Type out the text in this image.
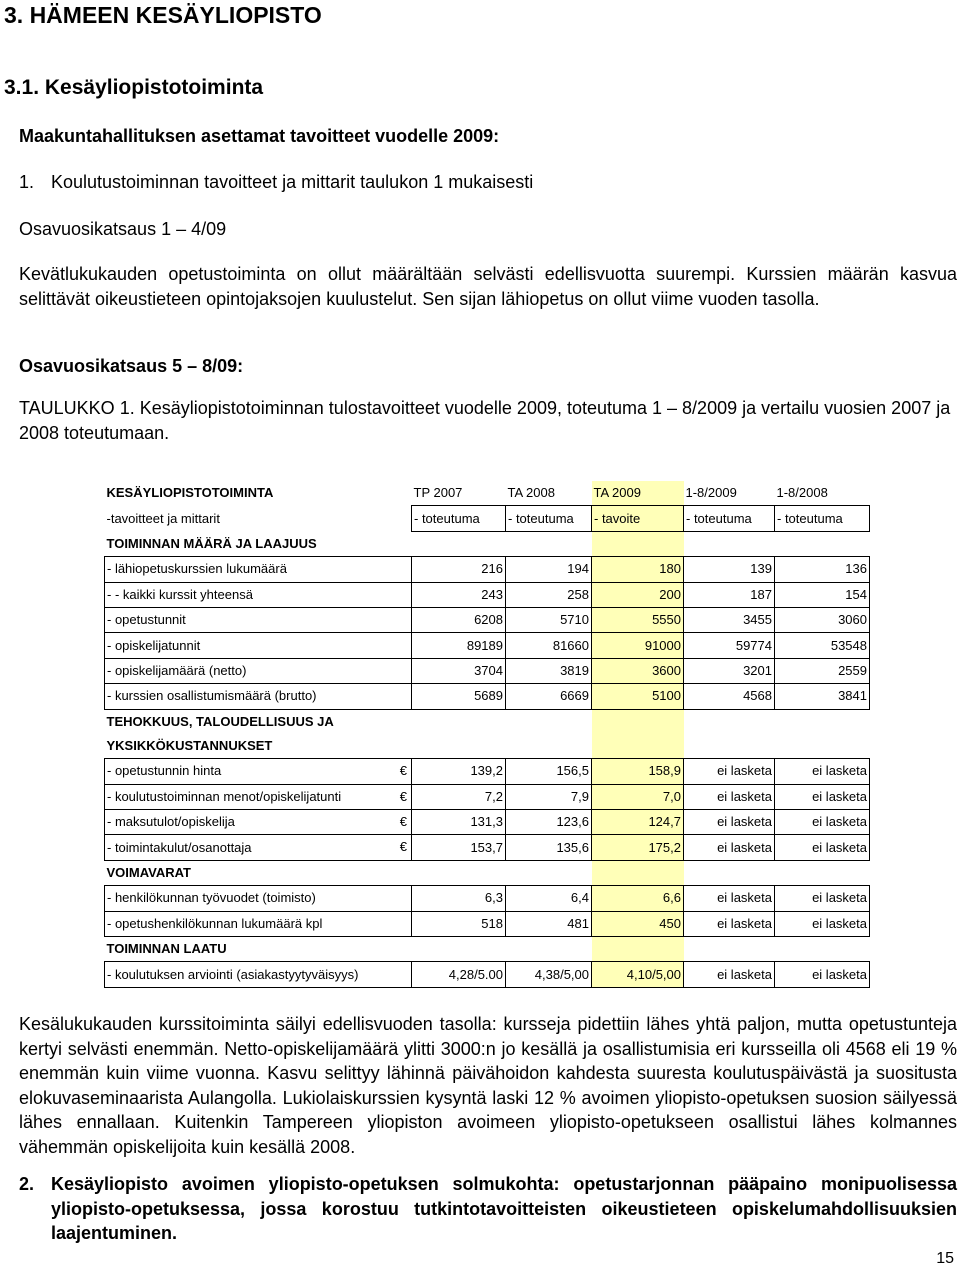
3. HÄMEEN KESÄYLIOPISTO
3.1. Kesäyliopistotoiminta
Maakuntahallituksen asettamat tavoitteet vuodelle 2009:
1. Koulutustoiminnan tavoitteet ja mittarit taulukon 1 mukaisesti
Osavuosikatsaus 1 – 4/09
Kevätlukukauden opetustoiminta on ollut määrältään selvästi edellisvuotta suurempi. Kurssien määrän kasvua selittävät oikeustieteen opintojaksojen kuulustelut. Sen sijan lähiopetus on ollut viime vuoden tasolla.
Osavuosikatsaus 5 – 8/09:
TAULUKKO 1. Kesäyliopistotoiminnan tulostavoitteet vuodelle 2009, toteutuma 1 – 8/2009 ja vertailu vuosien 2007 ja 2008 toteutumaan.
KESÄYLIOPISTOTOIMINTA	TP 2007	TA 2008	TA 2009	1-8/2009	1-8/2008
-tavoitteet ja mittarit	- toteutuma	- toteutuma	- tavoite	- toteutuma	- toteutuma
TOIMINNAN MÄÄRÄ JA LAAJUUS					
- lähiopetuskurssien lukumäärä	216	194	180	139	136
- - kaikki kurssit yhteensä	243	258	200	187	154
- opetustunnit	6208	5710	5550	3455	3060
- opiskelijatunnit	89189	81660	91000	59774	53548
- opiskelijamäärä (netto)	3704	3819	3600	3201	2559
- kurssien osallistumismäärä (brutto)	5689	6669	5100	4568	3841
TEHOKKUUS, TALOUDELLISUUS JA					
YKSIKKÖKUSTANNUKSET					
- opetustunnin hinta €	139,2	156,5	158,9	ei lasketa	ei lasketa
- koulutustoiminnan menot/opiskelijatunti €	7,2	7,9	7,0	ei lasketa	ei lasketa
- maksutulot/opiskelija €	131,3	123,6	124,7	ei lasketa	ei lasketa
- toimintakulut/osanottaja €	153,7	135,6	175,2	ei lasketa	ei lasketa
VOIMAVARAT					
- henkilökunnan työvuodet (toimisto)	6,3	6,4	6,6	ei lasketa	ei lasketa
- opetushenkilökunnan lukumäärä kpl	518	481	450	ei lasketa	ei lasketa
TOIMINNAN LAATU					
- koulutuksen arviointi (asiakastyytyväisyys)	4,28/5.00	4,38/5,00	4,10/5,00	ei lasketa	ei lasketa
Kesälukukauden kurssitoiminta säilyi edellisvuoden tasolla: kursseja pidettiin lähes yhtä paljon, mutta opetustunteja kertyi selvästi enemmän. Netto-opiskelijamäärä ylitti 3000:n jo kesällä ja osallistumisia eri kursseilla oli 4568 eli 19 % enemmän kuin viime vuonna. Kasvu selittyy lähinnä päivähoidon kahdesta suuresta koulutuspäivästä ja suositusta elokuvaseminaarista Aulangolla. Lukiolaiskurssien kysyntä laski 12 % avoimen yliopisto-opetuksen suosion säilyessä lähes ennallaan. Kuitenkin Tampereen yliopiston avoimeen yliopisto-opetukseen osallistui lähes kolmannes vähemmän opiskelijoita kuin kesällä 2008.
2. Kesäyliopisto avoimen yliopisto-opetuksen solmukohta: opetustarjonnan pääpaino monipuolisessa yliopisto-opetuksessa, jossa korostuu tutkintotavoitteisten oikeustieteen opiskelumahdollisuuksien laajentuminen.
15
